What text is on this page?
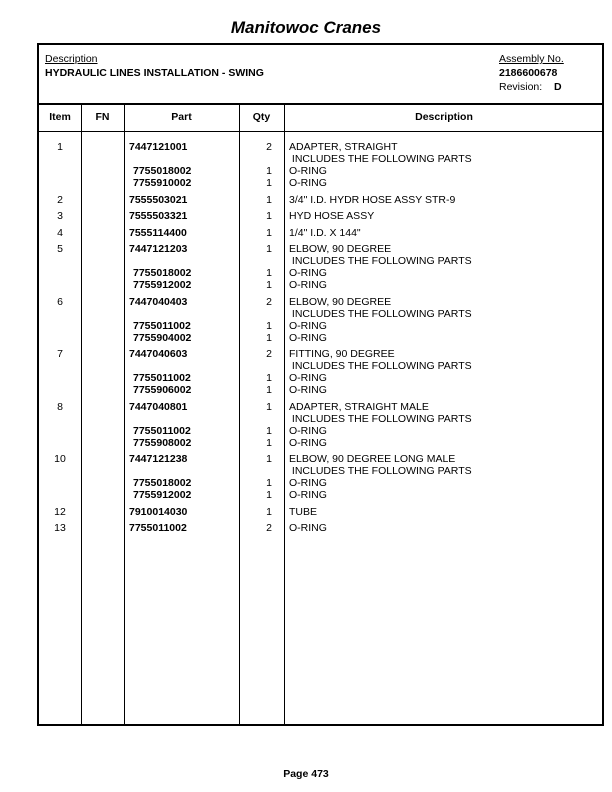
Manitowoc Cranes
Description
HYDRAULIC LINES INSTALLATION - SWING
Assembly No.
2186600678
Revision: D
Item	FN	Part	Qty	Description
1	7447121001	2	ADAPTER, STRAIGHT
INCLUDES THE FOLLOWING PARTS
7755018002	1	O-RING
7755910002	1	O-RING
2	7555503021	1	3/4" I.D. HYDR HOSE ASSY STR-9
3	7555503321	1	HYD HOSE ASSY
4	7555114400	1	1/4" I.D. X 144"
5	7447121203	1	ELBOW, 90 DEGREE
INCLUDES THE FOLLOWING PARTS
7755018002	1	O-RING
7755912002	1	O-RING
6	7447040403	2	ELBOW, 90 DEGREE
INCLUDES THE FOLLOWING PARTS
7755011002	1	O-RING
7755904002	1	O-RING
7	7447040603	2	FITTING, 90 DEGREE
INCLUDES THE FOLLOWING PARTS
7755011002	1	O-RING
7755906002	1	O-RING
8	7447040801	1	ADAPTER, STRAIGHT MALE
INCLUDES THE FOLLOWING PARTS
7755011002	1	O-RING
7755908002	1	O-RING
10	7447121238	1	ELBOW, 90 DEGREE LONG MALE
INCLUDES THE FOLLOWING PARTS
7755018002	1	O-RING
7755912002	1	O-RING
12	7910014030	1	TUBE
13	7755011002	2	O-RING
Page 473
